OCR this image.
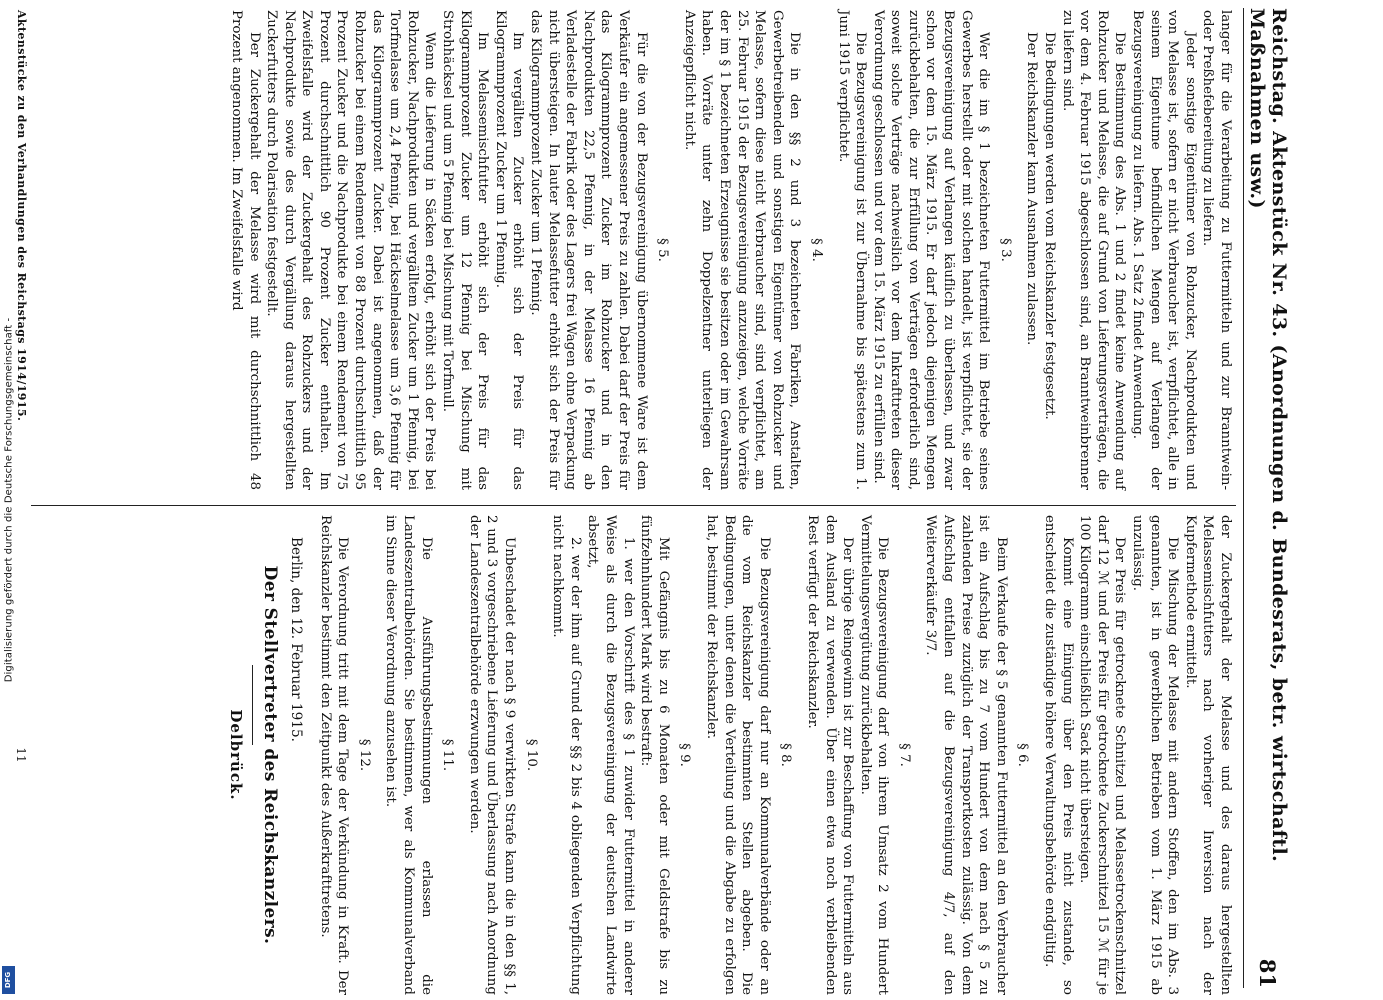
Digitalisierung gefördert durch die Deutsche Forschungsgemeinschaft -
DFG
Reichstag. Aktenstück Nr. 43. (Anordnungen d. Bundesrats, betr. wirtschaftl. Maßnahmen usw.)
81

langer für die Verarbeitung zu Futtermitteln und zur Branntwein- oder Preßhefebereitung zu liefern.

Jeder sonstige Eigentümer von Rohzucker, Nachprodukten und von Melasse ist, sofern er nicht Verbraucher ist, verpflichtet, alle in seinem Eigentume befindlichen Mengen auf Verlangen der Bezugsvereinigung zu liefern. Abs. 1 Satz 2 findet Anwendung.

Die Bestimmung des Abs. 1 und 2 findet keine Anwendung auf Rohzucker und Melasse, die auf Grund von Lieferungsverträgen, die vor dem 4. Februar 1915 abgeschlossen sind, an Branntweinbrenner zu liefern sind.

Die Bedingungen werden vom Reichskanzler festgesetzt.

Der Reichskanzler kann Ausnahmen zulassen.

§ 3.

Wer die im § 1 bezeichneten Futtermittel im Betriebe seines Gewerbes herstellt oder mit solchen handelt, ist verpflichtet, sie der Bezugsvereinigung auf Verlangen käuflich zu überlassen, und zwar schon vor dem 15. März 1915. Er darf jedoch diejenigen Mengen zurückbehalten, die zur Erfüllung von Verträgen erforderlich sind, soweit solche Verträge nachweislich vor dem Inkrafttreten dieser Verordnung geschlossen und vor dem 15. März 1915 zu erfüllen sind.

Die Bezugsvereinigung ist zur Übernahme bis spätestens zum 1. Juni 1915 verpflichtet.

§ 4.

Die in den §§ 2 und 3 bezeichneten Fabriken, Anstalten, Gewerbetreibenden und sonstigen Eigentümer von Rohzucker und Melasse, sofern diese nicht Verbraucher sind, sind verpflichtet, am 25. Februar 1915 der Bezugsvereinigung anzuzeigen, welche Vorräte der im § 1 bezeichneten Erzeugnisse sie besitzen oder im Gewahrsam haben. Vorräte unter zehn Doppelzentner unterliegen der Anzeigepflicht nicht.

§ 5.

Für die von der Bezugsvereinigung übernommene Ware ist dem Verkäufer ein angemessener Preis zu zahlen. Dabei darf der Preis für das Kilogrammprozent Zucker im Rohzucker und in den Nachprodukten 22,5 Pfennig, in der Melasse 16 Pfennig ab Verladestelle der Fabrik oder des Lagers frei Wagen ohne Verpackung nicht übersteigen. In lauter Melassefutter erhöht sich der Preis für das Kilogrammprozent Zucker um 1 Pfennig.

Im vergällten Zucker erhöht sich der Preis für das Kilogrammprozent Zucker um 1 Pfennig.

Im Melassemischfutter erhöht sich der Preis für das Kilogrammprozent Zucker um 12 Pfennig bei Mischung mit Strohhäcksel und um 5 Pfennig bei Mischung mit Torfmull.

Wenn die Lieferung in Säcken erfolgt, erhöht sich der Preis bei Rohzucker, Nachprodukten und vergälltem Zucker um 1 Pfennig, bei Torfmelasse um 2,4 Pfennig, bei Häckselmelasse um 3,6 Pfennig für das Kilogrammprozent Zucker. Dabei ist angenommen, daß der Rohzucker bei einem Rendement von 88 Prozent durchschnittlich 95 Prozent Zucker und die Nachprodukte bei einem Rendement von 75 Prozent durchschnittlich 90 Prozent Zucker enthalten. Im Zweifelsfalle wird der Zuckergehalt des Rohzuckers und der Nachprodukte sowie des durch Vergällung daraus hergestellten Zuckerfutters durch Polarisation festgestellt.

Der Zuckergehalt der Melasse wird mit durchschnittlich 48 Prozent angenommen. Im Zweifelsfalle wird

der Zuckergehalt der Melasse und des daraus hergestellten Melassemischfutters nach vorheriger Inversion nach der Kupfermethode ermittelt.

Die Mischung der Melasse mit andern Stoffen, den im Abs. 3 genannten, ist in gewerblichen Betrieben vom 1. März 1915 ab unzulässig.

Der Preis für getrocknete Schnitzel und Melassetrockenschnitzel darf 12 ℳ und der Preis für getrocknete Zuckerschnitzel 15 ℳ für je 100 Kilogramm einschließlich Sack nicht übersteigen.

Kommt eine Einigung über den Preis nicht zustande, so entscheidet die zuständige höhere Verwaltungsbehörde endgültig.

§ 6.

Beim Verkaufe der § 5 genannten Futtermittel an den Verbraucher ist ein Aufschlag bis zu 7 vom Hundert von dem nach § 5 zu zahlenden Preise zuzüglich der Transportkosten zulässig. Von dem Aufschlag entfallen auf die Bezugsvereinigung 4/7, auf den Weiterverkäufer 3/7.

§ 7.

Die Bezugsvereinigung darf von ihrem Umsatz 2 vom Hundert Vermittelungsvergütung zurückbehalten.

Der übrige Reingewinn ist zur Beschaffung von Futtermitteln aus dem Ausland zu verwenden. Über einen etwa noch verbleibenden Rest verfügt der Reichskanzler.

§ 8.

Die Bezugsvereinigung darf nur an Kommunalverbände oder an die vom Reichskanzler bestimmten Stellen abgeben. Die Bedingungen, unter denen die Verteilung und die Abgabe zu erfolgen hat, bestimmt der Reichskanzler.

§ 9.

Mit Gefängnis bis zu 6 Monaten oder mit Geldstrafe bis zu fünfzehnhundert Mark wird bestraft:

1. wer den Vorschrift des § 1 zuwider Futtermittel in anderer Weise als durch die Bezugsvereinigung der deutschen Landwirte absetzt,

2. wer der ihm auf Grund der §§ 2 bis 4 obliegenden Verpflichtung nicht nachkommt.

§ 10.

Unbeschadet der nach § 9 verwirkten Strafe kann die in den §§ 1, 2 und 3 vorgeschriebene Lieferung und Überlassung nach Anordnung der Landeszentralbehörde erzwungen werden.

§ 11.

Die Ausführungsbestimmungen erlassen die Landeszentralbehörden. Sie bestimmen, wer als Kommunalverband im Sinne dieser Verordnung anzusehen ist.

§ 12.

Die Verordnung tritt mit dem Tage der Verkündung in Kraft. Der Reichskanzler bestimmt den Zeitpunkt des Außerkrafttretens.

Berlin, den 12. Februar 1915.
Der Stellvertreter des Reichskanzlers.
Delbrück.
Aktenstücke zu den Verhandlungen des Reichstags 1914/1915.
11
